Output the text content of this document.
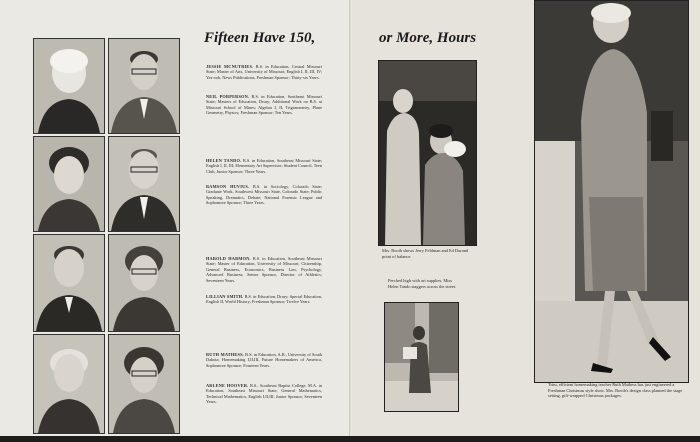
Fifteen Have 150,

JESSIE MCNUTRIES. B.S. in Education, Central Missouri State; Master of Arts, University of Missouri; English I, II, III, IV; Yes-ook, News Publications, Freshman Sponsor; Thirty-six Years.

NEIL PORPERSON. B.S. in Education, Southeast Missouri State; Masters of Education, Drury; Additional Work on B.S. at Missouri School of Mines; Algebra I, II, Trigonometry, Plane Geometry, Physics; Freshman Sponsor; Ten Years.

HELEN TANDO. B.S. in Education, Southeast Missouri State; English I, II, III; Elementary Art Supervisor; Student Council, Teen Club, Junior Sponsor; Three Years.

RAMSON HUVIUS. B.S. in Sociology, Colorado State; Graduate Work, Southwest Missouri State, Colorado State; Public Speaking, Dramatics, Debate; National Forensic League and Sophomore Sponsor; Three Years.

HAROLD HARMON. B.S. in Education, Southeast Missouri State; Master of Education, University of Missouri; Citizenship, General Business, Economics, Business Law, Psychology, Advanced Business; Senior Sponsor, Director of Athletics; Seventeen Years.

LILLIAN SMITH. B.S. in Education, Drury; Special Education, English II, World History; Freshman Sponsor; Twelve Years.

RUTH MATHESS. B.S. in Education, A.B., University of South Dakota; Homemaking I,II,III, Future Homemakers of America, Sophomore Sponsor; Fourteen Years.

ARLENE HOOVER. B.S., Southeast Baptist College; M.A. in Education, Southeast Missouri State; General Mathematics, Technical Mathematics, English I,II,III, Junior Sponsor; Seventeen Years.

or More, Hours

Mrs. Booth shows Jerry Feldman and Ed Durand point of balance.

Perched high with art supplies, Miss Helen Tando staggers across the street.

Trim, efficient homemaking teacher Ruth Mathess has just engineered a Freshman Christmas style show. Mrs. Booth's design class planned the stage setting, gift-wrapped Christmas packages.
